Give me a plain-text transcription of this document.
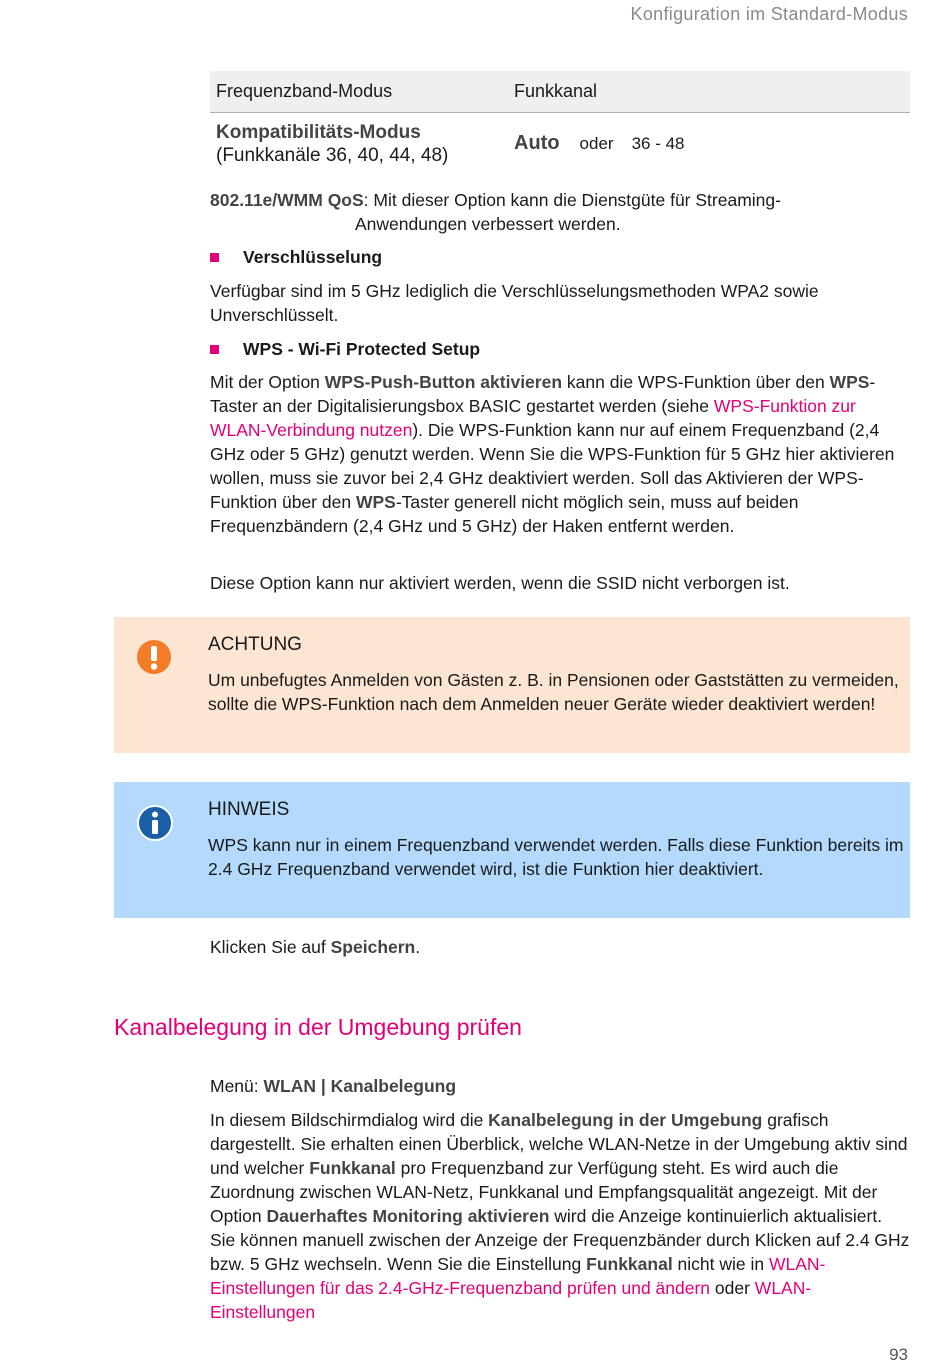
Konfiguration im Standard-Modus
Frequenzband-Modus	Funkkanal
Kompatibilitäts-Modus
(Funkkanäle 36, 40, 44, 48)
Auto oder 36 - 48
802.11e/WMM QoS: Mit dieser Option kann die Dienstgüte für Streaming-
Anwendungen verbessert werden.
Verschlüsselung
Verfügbar sind im 5 GHz lediglich die Verschlüsselungsmethoden WPA2 sowie Unverschlüsselt.
WPS - Wi-Fi Protected Setup
Mit der Option WPS-Push-Button aktivieren kann die WPS-Funktion über den WPS-Taster an der Digitalisierungsbox BASIC gestartet werden (siehe WPS-Funktion zur WLAN-Verbindung nutzen). Die WPS-Funktion kann nur auf einem Frequenzband (2,4 GHz oder 5 GHz) genutzt werden. Wenn Sie die WPS-Funktion für 5 GHz hier aktivieren wollen, muss sie zuvor bei 2,4 GHz deaktiviert werden. Soll das Aktivieren der WPS-Funktion über den WPS-Taster generell nicht möglich sein, muss auf beiden Frequenzbändern (2,4 GHz und 5 GHz) der Haken entfernt werden.
Diese Option kann nur aktiviert werden, wenn die SSID nicht verborgen ist.
ACHTUNG
Um unbefugtes Anmelden von Gästen z. B. in Pensionen oder Gaststätten zu vermeiden, sollte die WPS-Funktion nach dem Anmelden neuer Geräte wieder deaktiviert werden!
HINWEIS
WPS kann nur in einem Frequenzband verwendet werden. Falls diese Funktion bereits im 2.4 GHz Frequenzband verwendet wird, ist die Funktion hier deaktiviert.
Klicken Sie auf Speichern.
Kanalbelegung in der Umgebung prüfen
Menü: WLAN | Kanalbelegung
In diesem Bildschirmdialog wird die Kanalbelegung in der Umgebung grafisch dargestellt. Sie erhalten einen Überblick, welche WLAN-Netze in der Umgebung aktiv sind und welcher Funkkanal pro Frequenzband zur Verfügung steht. Es wird auch die Zuordnung zwischen WLAN-Netz, Funkkanal und Empfangsqualität angezeigt. Mit der Option Dauerhaftes Monitoring aktivieren wird die Anzeige kontinuierlich aktualisiert. Sie können manuell zwischen der Anzeige der Frequenzbänder durch Klicken auf 2.4 GHz bzw. 5 GHz wechseln. Wenn Sie die Einstellung Funkkanal nicht wie in WLAN-Einstellungen für das 2.4-GHz-Frequenzband prüfen und ändern oder WLAN-Einstellungen
93
